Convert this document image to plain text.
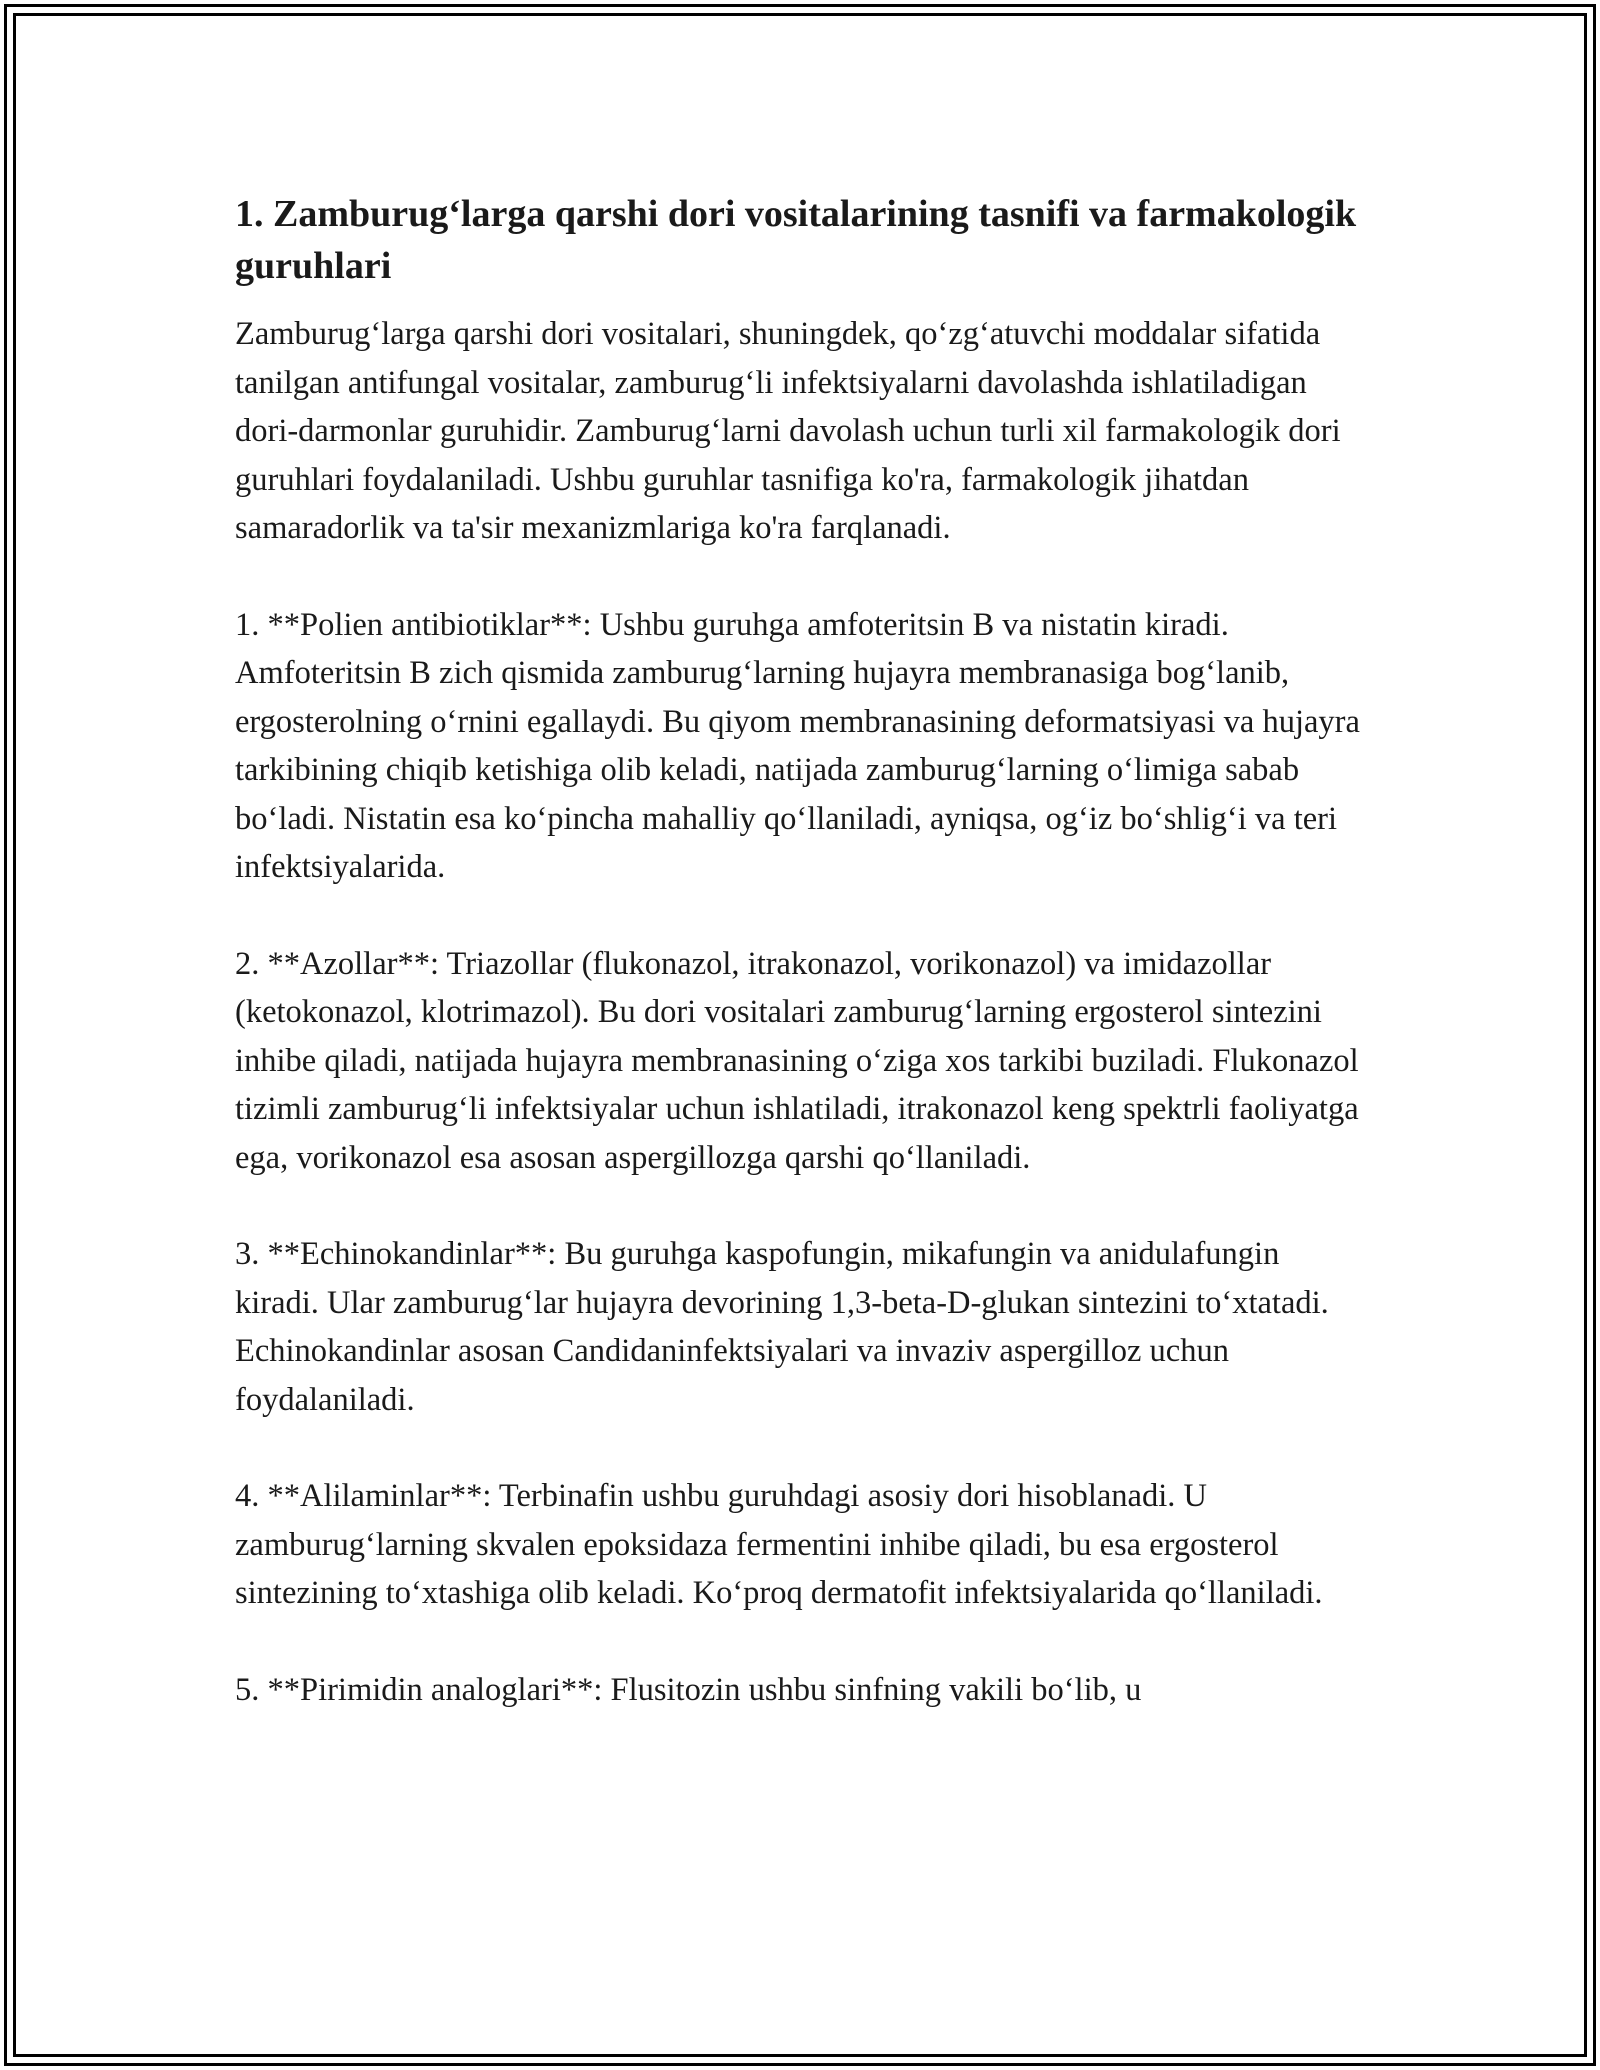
1. Zamburug‘larga qarshi dori vositalarining tasnifi va farmakologik guruhlari

Zamburug‘larga qarshi dori vositalari, shuningdek, qo‘zg‘atuvchi moddalar sifatida tanilgan antifungal vositalar, zamburug‘li infektsiyalarni davolashda ishlatiladigan dori-darmonlar guruhidir. Zamburug‘larni davolash uchun turli xil farmakologik dori guruhlari foydalaniladi. Ushbu guruhlar tasnifiga ko'ra, farmakologik jihatdan samaradorlik va ta'sir mexanizmlariga ko'ra farqlanadi.

1. **Polien antibiotiklar**: Ushbu guruhga amfoteritsin B va nistatin kiradi. Amfoteritsin B zich qismida zamburug‘larning hujayra membranasiga bog‘lanib, ergosterolning o‘rnini egallaydi. Bu qiyom membranasining deformatsiyasi va hujayra tarkibining chiqib ketishiga olib keladi, natijada zamburug‘larning o‘limiga sabab bo‘ladi. Nistatin esa ko‘pincha mahalliy qo‘llaniladi, ayniqsa, og‘iz bo‘shlig‘i va teri infektsiyalarida.

2. **Azollar**: Triazollar (flukonazol, itrakonazol, vorikonazol) va imidazollar (ketokonazol, klotrimazol). Bu dori vositalari zamburug‘larning ergosterol sintezini inhibe qiladi, natijada hujayra membranasining o‘ziga xos tarkibi buziladi. Flukonazol tizimli zamburug‘li infektsiyalar uchun ishlatiladi, itrakonazol keng spektrli faoliyatga ega, vorikonazol esa asosan aspergillozga qarshi qo‘llaniladi.

3. **Echinokandinlar**: Bu guruhga kaspofungin, mikafungin va anidulafungin kiradi. Ular zamburug‘lar hujayra devorining 1,3-beta-D-glukan sintezini to‘xtatadi. Echinokandinlar asosan Candidaninfektsiyalari va invaziv aspergilloz uchun foydalaniladi.

4. **Alilaminlar**: Terbinafin ushbu guruhdagi asosiy dori hisoblanadi. U zamburug‘larning skvalen epoksidaza fermentini inhibe qiladi, bu esa ergosterol sintezining to‘xtashiga olib keladi. Ko‘proq dermatofit infektsiyalarida qo‘llaniladi.

5. **Pirimidin analoglari**: Flusitozin ushbu sinfning vakili bo‘lib, u
